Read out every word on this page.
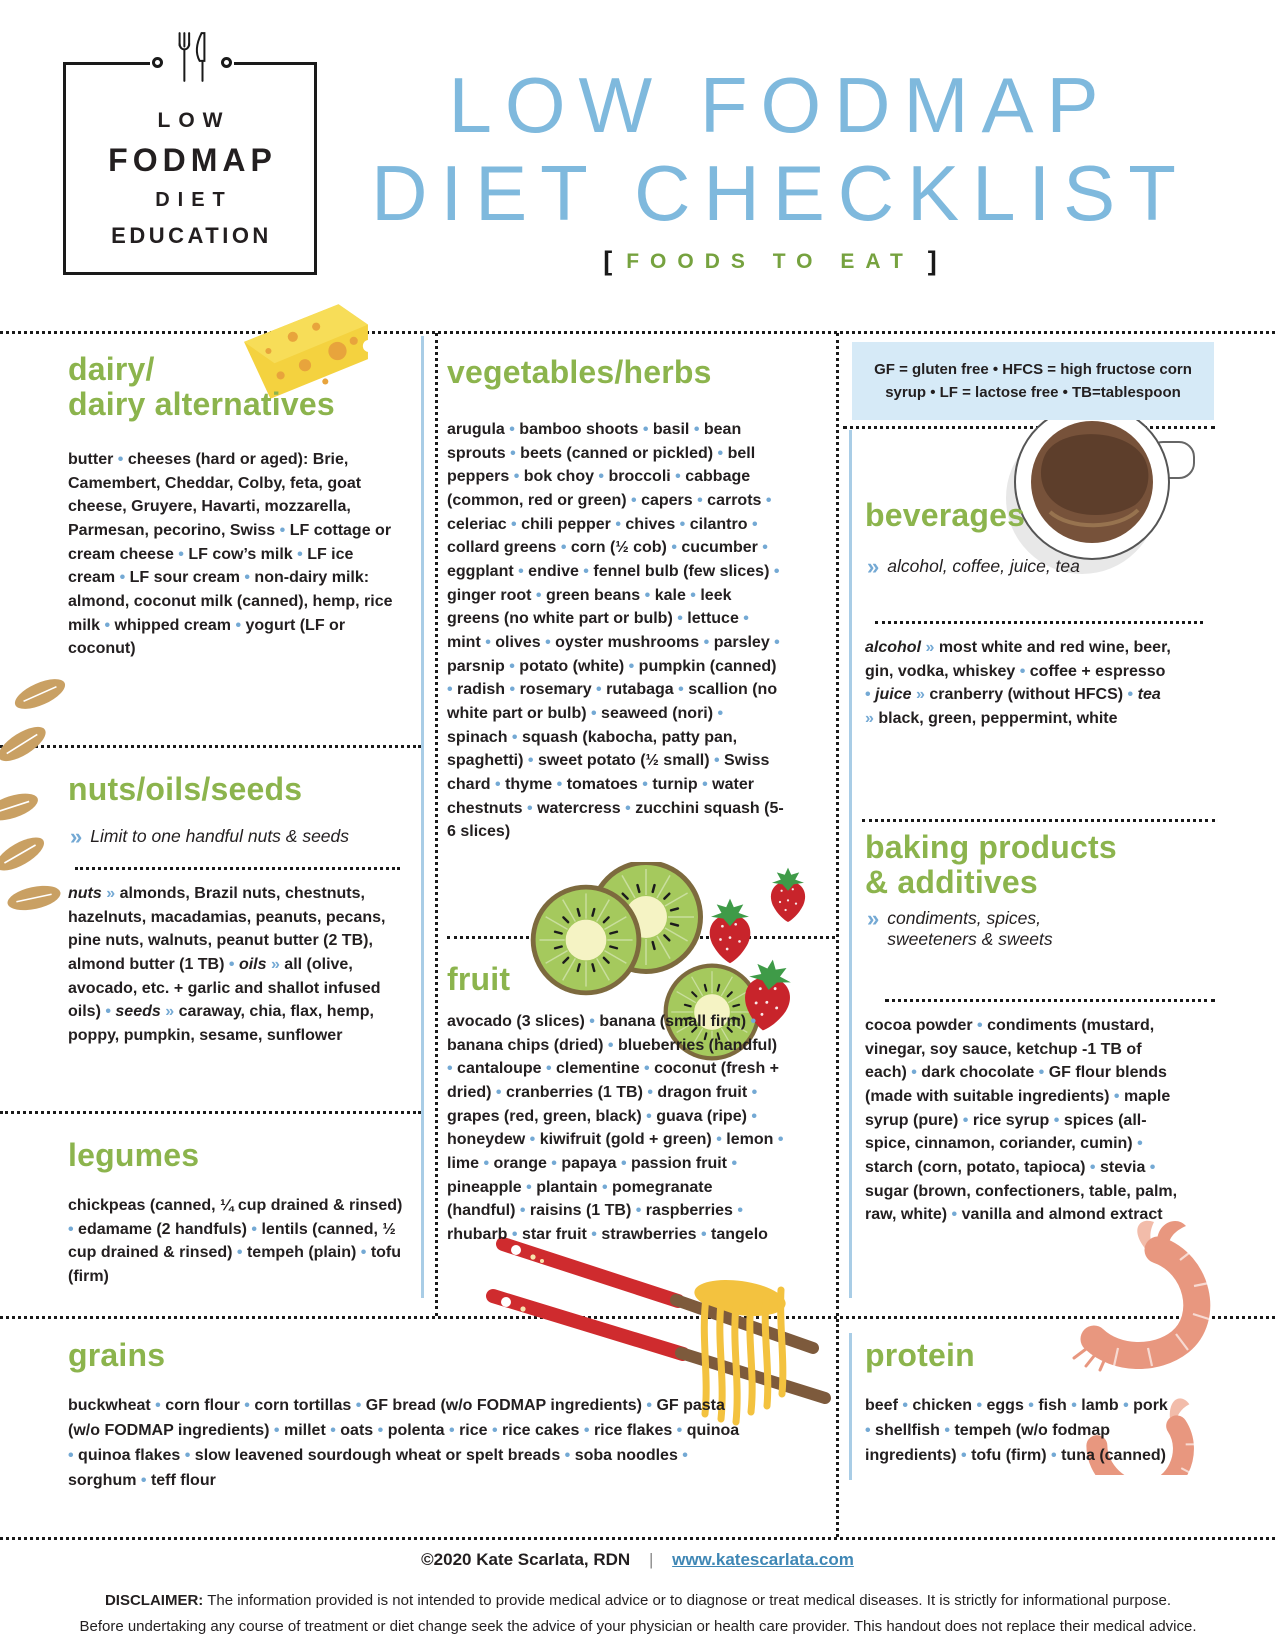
LOW
FODMAP
DIET
EDUCATION
LOW FODMAP
DIET CHECKLIST
[ FOODS TO EAT ]
dairy/
dairy alternatives

butter • cheeses (hard or aged): Brie, Camembert, Cheddar, Colby, feta, goat cheese, Gruyere, Havarti, mozzarella, Parmesan, pecorino, Swiss • LF cottage or cream cheese • LF cow’s milk • LF ice cream • LF sour cream • non-dairy milk: almond, coconut milk (canned), hemp, rice milk • whipped cream • yogurt (LF or coconut)

nuts/oils/seeds
» Limit to one handful nuts & seeds

nuts » almonds, Brazil nuts, chestnuts, hazelnuts, macadamias, peanuts, pecans, pine nuts, walnuts, peanut butter (2 TB), almond butter (1 TB) • oils » all (olive, avocado, etc. + garlic and shallot infused oils) • seeds » caraway, chia, flax, hemp, poppy, pumpkin, sesame, sunflower

legumes

chickpeas (canned, ¼ cup drained & rinsed) • edamame (2 handfuls) • lentils (canned, ½ cup drained & rinsed) • tempeh (plain) • tofu (firm)

vegetables/herbs

arugula • bamboo shoots • basil • bean sprouts • beets (canned or pickled) • bell peppers • bok choy • broccoli • cabbage (common, red or green) • capers • carrots • celeriac • chili pepper • chives • cilantro • collard greens • corn (½ cob) • cucumber • eggplant • endive • fennel bulb (few slices) • ginger root • green beans • kale • leek greens (no white part or bulb) • lettuce • mint • olives • oyster mushrooms • parsley • parsnip • potato (white) • pumpkin (canned) • radish • rosemary • rutabaga • scallion (no white part or bulb) • seaweed (nori) • spinach • squash (kabocha, patty pan, spaghetti) • sweet potato (½ small) • Swiss chard • thyme • tomatoes • turnip • water chestnuts • watercress • zucchini squash (5-6 slices)

fruit

avocado (3 slices) • banana (small firm) • banana chips (dried) • blueberries (handful) • cantaloupe • clementine • coconut (fresh + dried) • cranberries (1 TB) • dragon fruit • grapes (red, green, black) • guava (ripe) • honeydew • kiwifruit (gold + green) • lemon • lime • orange • papaya • passion fruit • pineapple • plantain • pomegranate (handful) • raisins (1 TB) • raspberries • rhubarb • star fruit • strawberries • tangelo

GF = gluten free • HFCS = high fructose corn syrup • LF = lactose free • TB=tablespoon
beverages
» alcohol, coffee, juice, tea

alcohol » most white and red wine, beer, gin, vodka, whiskey • coffee + espresso • juice » cranberry (without HFCS) • tea » black, green, peppermint, white

baking products
& additives
» condiments, spices, sweeteners & sweets

cocoa powder • condiments (mustard, vinegar, soy sauce, ketchup -1 TB of each) • dark chocolate • GF flour blends (made with suitable ingredients) • maple syrup (pure) • rice syrup • spices (all-spice, cinnamon, coriander, cumin) • starch (corn, potato, tapioca) • stevia • sugar (brown, confectioners, table, palm, raw, white) • vanilla and almond extract

grains

buckwheat • corn flour • corn tortillas • GF bread (w/o FODMAP ingredients) • GF pasta (w/o FODMAP ingredients) • millet • oats • polenta • rice • rice cakes • rice flakes • quinoa • quinoa flakes • slow leavened sourdough wheat or spelt breads • soba noodles • sorghum • teff flour

protein

beef • chicken • eggs • fish • lamb • pork • shellfish • tempeh (w/o fodmap ingredients) • tofu (firm) • tuna (canned)

©2020 Kate Scarlata, RDN | www.katescarlata.com
DISCLAIMER: The information provided is not intended to provide medical advice or to diagnose or treat medical diseases. It is strictly for informational purpose.
Before undertaking any course of treatment or diet change seek the advice of your physician or health care provider. This handout does not replace their medical advice.
